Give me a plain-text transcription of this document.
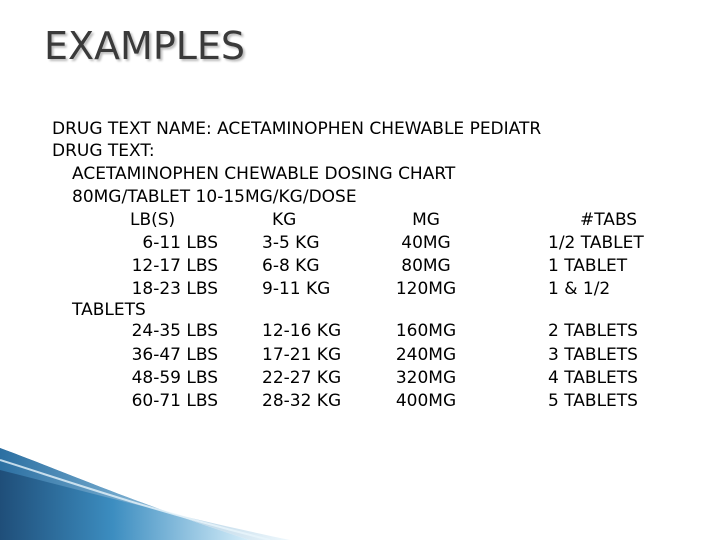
EXAMPLES
DRUG TEXT NAME: ACETAMINOPHEN CHEWABLE PEDIATR
DRUG TEXT:
ACETAMINOPHEN CHEWABLE DOSING CHART
80MG/TABLET 10-15MG/KG/DOSE
LB(S)	KG	MG	#TABS
6-11 LBS	3-5 KG	40MG	1/2 TABLET
12-17 LBS	6-8 KG	80MG	1 TABLET
18-23 LBS	9-11 KG	120MG	1 & 1/2
TABLETS
24-35 LBS	12-16 KG	160MG	2 TABLETS
36-47 LBS	17-21 KG	240MG	3 TABLETS
48-59 LBS	22-27 KG	320MG	4 TABLETS
60-71 LBS	28-32 KG	400MG	5 TABLETS
